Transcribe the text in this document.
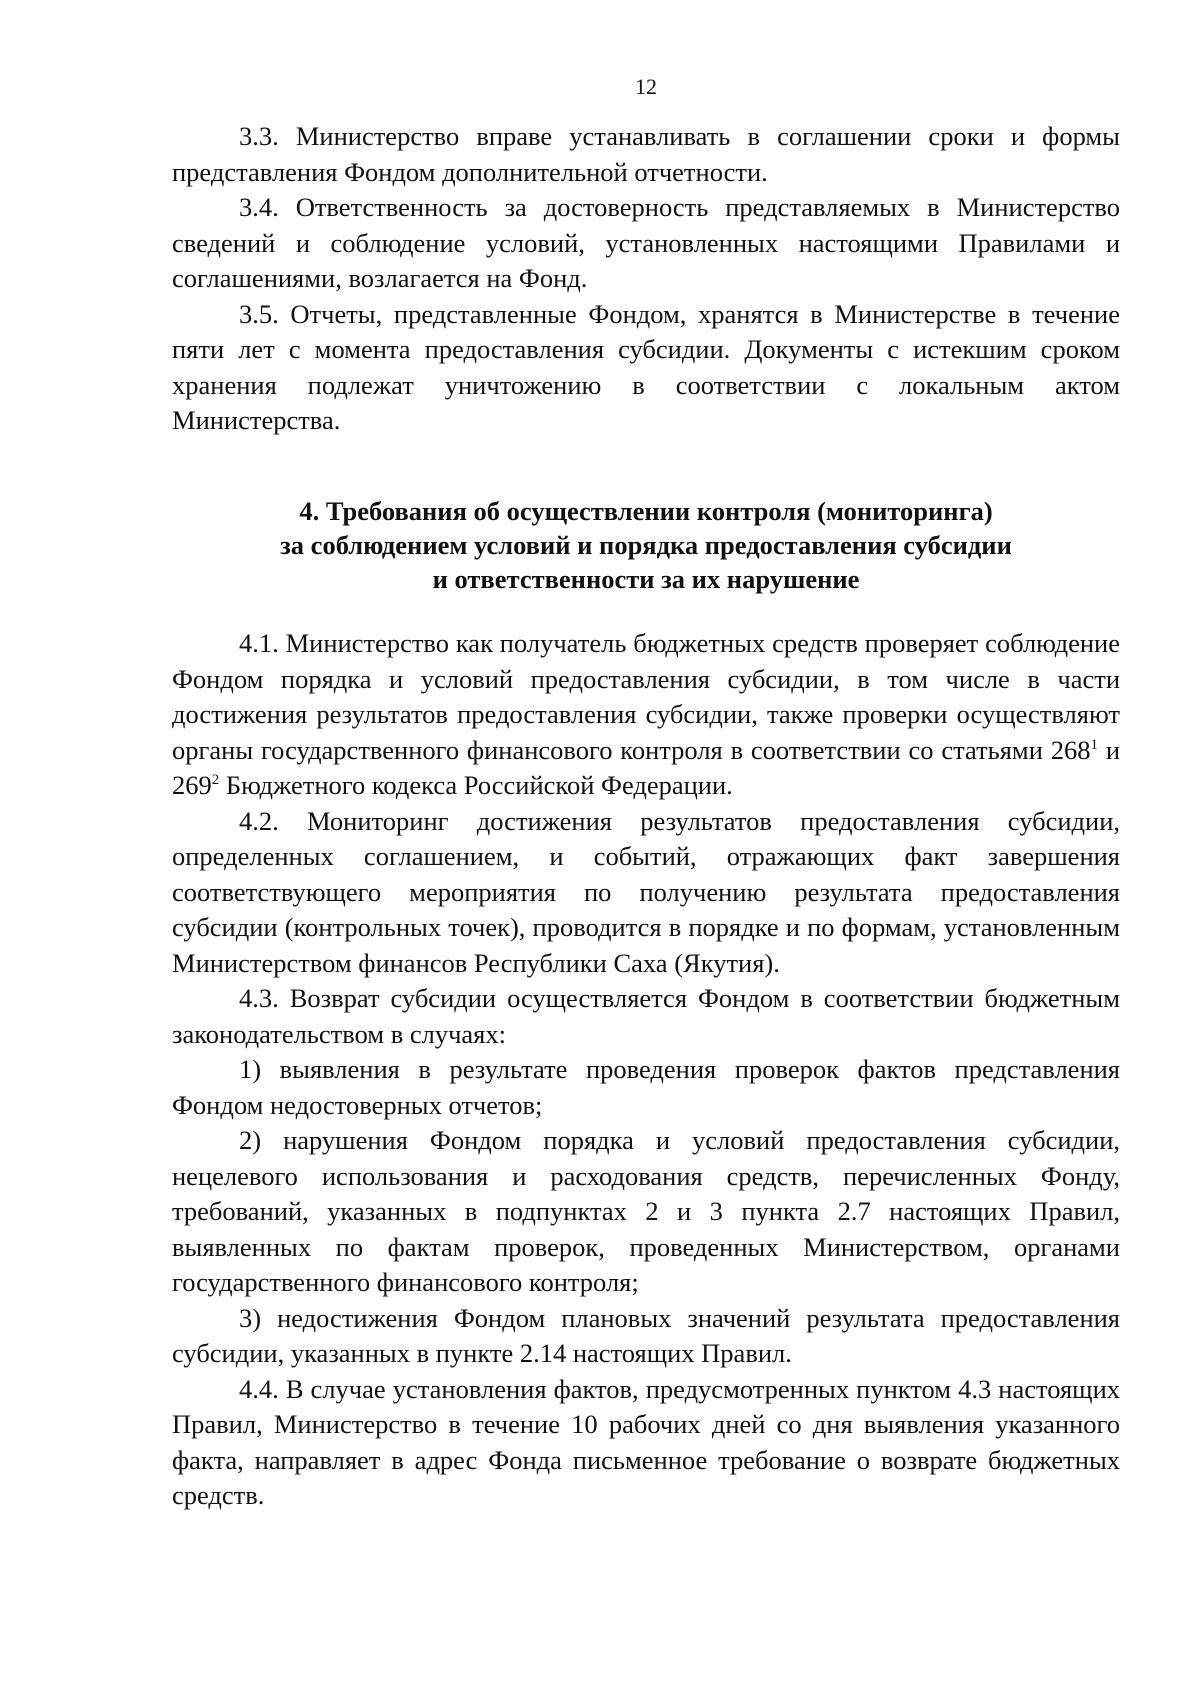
12

3.3. Министерство вправе устанавливать в соглашении сроки и формы представления Фондом дополнительной отчетности.

3.4. Ответственность за достоверность представляемых в Министерство сведений и соблюдение условий, установленных настоящими Правилами и соглашениями, возлагается на Фонд.

3.5. Отчеты, представленные Фондом, хранятся в Министерстве в течение пяти лет с момента предоставления субсидии. Документы с истекшим сроком хранения подлежат уничтожению в соответствии с локальным актом Министерства.

4. Требования об осуществлении контроля (мониторинга)
за соблюдением условий и порядка предоставления субсидии
и ответственности за их нарушение

4.1. Министерство как получатель бюджетных средств проверяет соблюдение Фондом порядка и условий предоставления субсидии, в том числе в части достижения результатов предоставления субсидии, также проверки осуществляют органы государственного финансового контроля в соответствии со статьями $268^1$ и $269^2$ Бюджетного кодекса Российской Федерации.

4.2. Мониторинг достижения результатов предоставления субсидии, определенных соглашением, и событий, отражающих факт завершения соответствующего мероприятия по получению результата предоставления субсидии (контрольных точек), проводится в порядке и по формам, установленным Министерством финансов Республики Саха (Якутия).

4.3. Возврат субсидии осуществляется Фондом в соответствии бюджетным законодательством в случаях:

1) выявления в результате проведения проверок фактов представления Фондом недостоверных отчетов;

2) нарушения Фондом порядка и условий предоставления субсидии, нецелевого использования и расходования средств, перечисленных Фонду, требований, указанных в подпунктах 2 и 3 пункта 2.7 настоящих Правил, выявленных по фактам проверок, проведенных Министерством, органами государственного финансового контроля;

3) недостижения Фондом плановых значений результата предоставления субсидии, указанных в пункте 2.14 настоящих Правил.

4.4. В случае установления фактов, предусмотренных пунктом 4.3 настоящих Правил, Министерство в течение 10 рабочих дней со дня выявления указанного факта, направляет в адрес Фонда письменное требование о возврате бюджетных средств.
